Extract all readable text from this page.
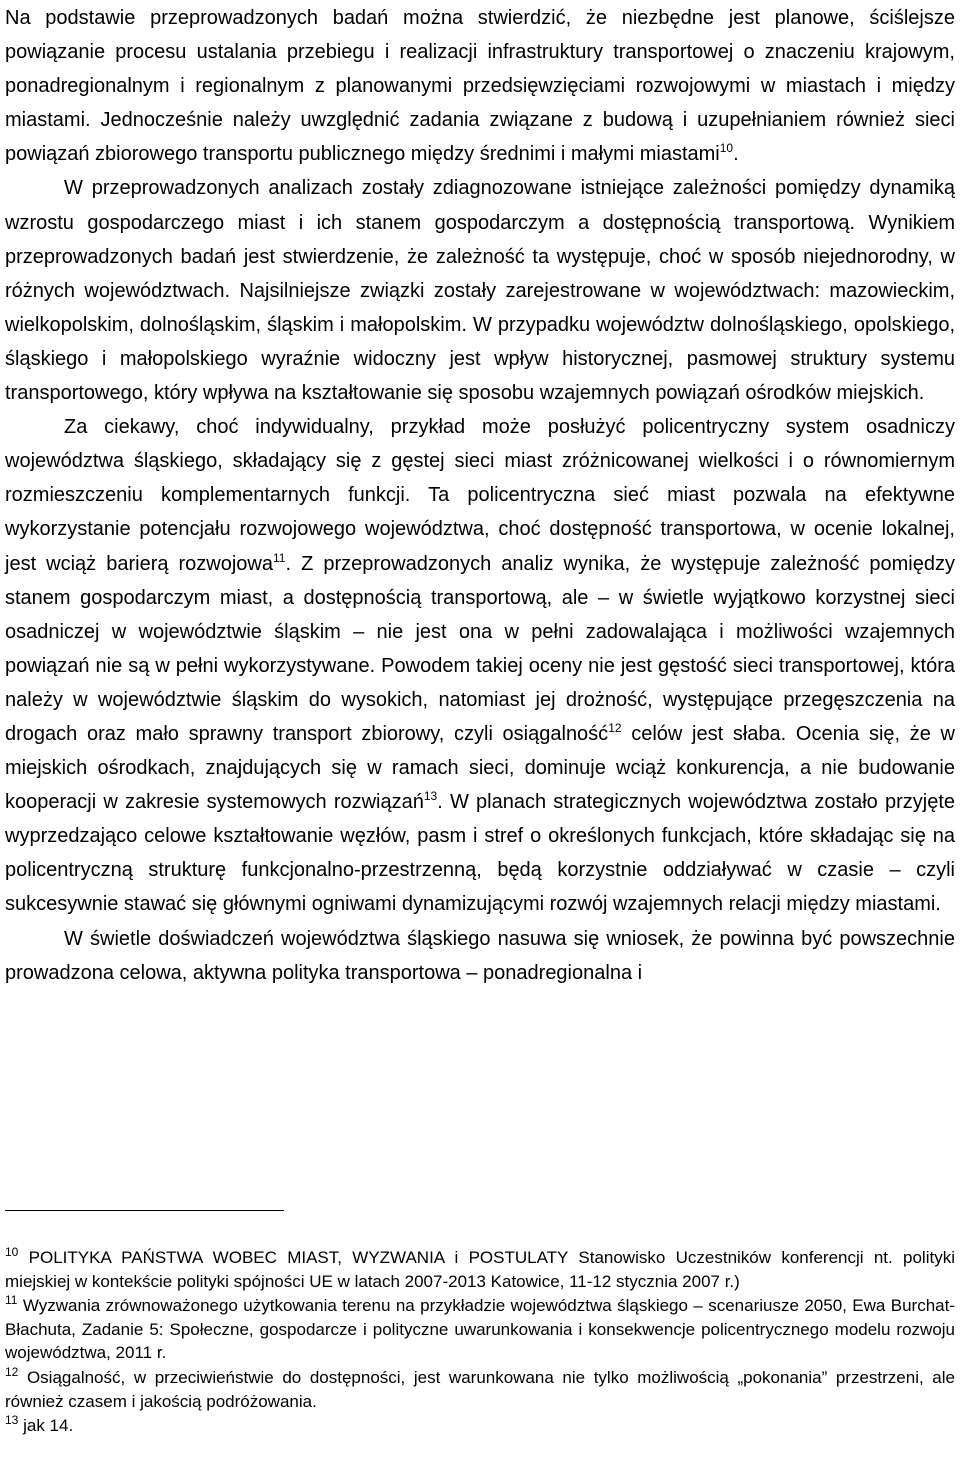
Na podstawie przeprowadzonych badań można stwierdzić, że niezbędne jest planowe, ściślejsze powiązanie procesu ustalania przebiegu i realizacji infrastruktury transportowej o znaczeniu krajowym, ponadregionalnym i regionalnym z planowanymi przedsięwzięciami rozwojowymi w miastach i między miastami. Jednocześnie należy uwzględnić zadania związane z budową i uzupełnianiem również sieci powiązań zbiorowego transportu publicznego między średnimi i małymi miastami$^{10}$.

W przeprowadzonych analizach zostały zdiagnozowane istniejące zależności pomiędzy dynamiką wzrostu gospodarczego miast i ich stanem gospodarczym a dostępnością transportową. Wynikiem przeprowadzonych badań jest stwierdzenie, że zależność ta występuje, choć w sposób niejednorodny, w różnych województwach. Najsilniejsze związki zostały zarejestrowane w województwach: mazowieckim, wielkopolskim, dolnośląskim, śląskim i małopolskim. W przypadku województw dolnośląskiego, opolskiego, śląskiego i małopolskiego wyraźnie widoczny jest wpływ historycznej, pasmowej struktury systemu transportowego, który wpływa na kształtowanie się sposobu wzajemnych powiązań ośrodków miejskich.

Za ciekawy, choć indywidualny, przykład może posłużyć policentryczny system osadniczy województwa śląskiego, składający się z gęstej sieci miast zróżnicowanej wielkości i o równomiernym rozmieszczeniu komplementarnych funkcji. Ta policentryczna sieć miast pozwala na efektywne wykorzystanie potencjału rozwojowego województwa, choć dostępność transportowa, w ocenie lokalnej, jest wciąż barierą rozwojowa$^{11}$. Z przeprowadzonych analiz wynika, że występuje zależność pomiędzy stanem gospodarczym miast, a dostępnością transportową, ale – w świetle wyjątkowo korzystnej sieci osadniczej w województwie śląskim – nie jest ona w pełni zadowalająca i możliwości wzajemnych powiązań nie są w pełni wykorzystywane. Powodem takiej oceny nie jest gęstość sieci transportowej, która należy w województwie śląskim do wysokich, natomiast jej drożność, występujące przegęszczenia na drogach oraz mało sprawny transport zbiorowy, czyli osiągalność$^{12}$ celów jest słaba. Ocenia się, że w miejskich ośrodkach, znajdujących się w ramach sieci, dominuje wciąż konkurencja, a nie budowanie kooperacji w zakresie systemowych rozwiązań$^{13}$. W planach strategicznych województwa zostało przyjęte wyprzedzająco celowe kształtowanie węzłów, pasm i stref o określonych funkcjach, które składając się na policentryczną strukturę funkcjonalno-przestrzenną, będą korzystnie oddziaływać w czasie – czyli sukcesywnie stawać się głównymi ogniwami dynamizującymi rozwój wzajemnych relacji między miastami.

W świetle doświadczeń województwa śląskiego nasuwa się wniosek, że powinna być powszechnie prowadzona celowa, aktywna polityka transportowa – ponadregionalna i

$^{10}$ POLITYKA PAŃSTWA WOBEC MIAST, WYZWANIA i POSTULATY Stanowisko Uczestników konferencji nt. polityki miejskiej w kontekście polityki spójności UE w latach 2007-2013 Katowice, 11-12 stycznia 2007 r.)

$^{11}$ Wyzwania zrównoważonego użytkowania terenu na przykładzie województwa śląskiego – scenariusze 2050, Ewa Burchat-Błachuta, Zadanie 5: Społeczne, gospodarcze i polityczne uwarunkowania i konsekwencje policentrycznego modelu rozwoju województwa, 2011 r.

$^{12}$ Osiągalność, w przeciwieństwie do dostępności, jest warunkowana nie tylko możliwością „pokonania” przestrzeni, ale również czasem i jakością podróżowania.

$^{13}$ jak 14.
